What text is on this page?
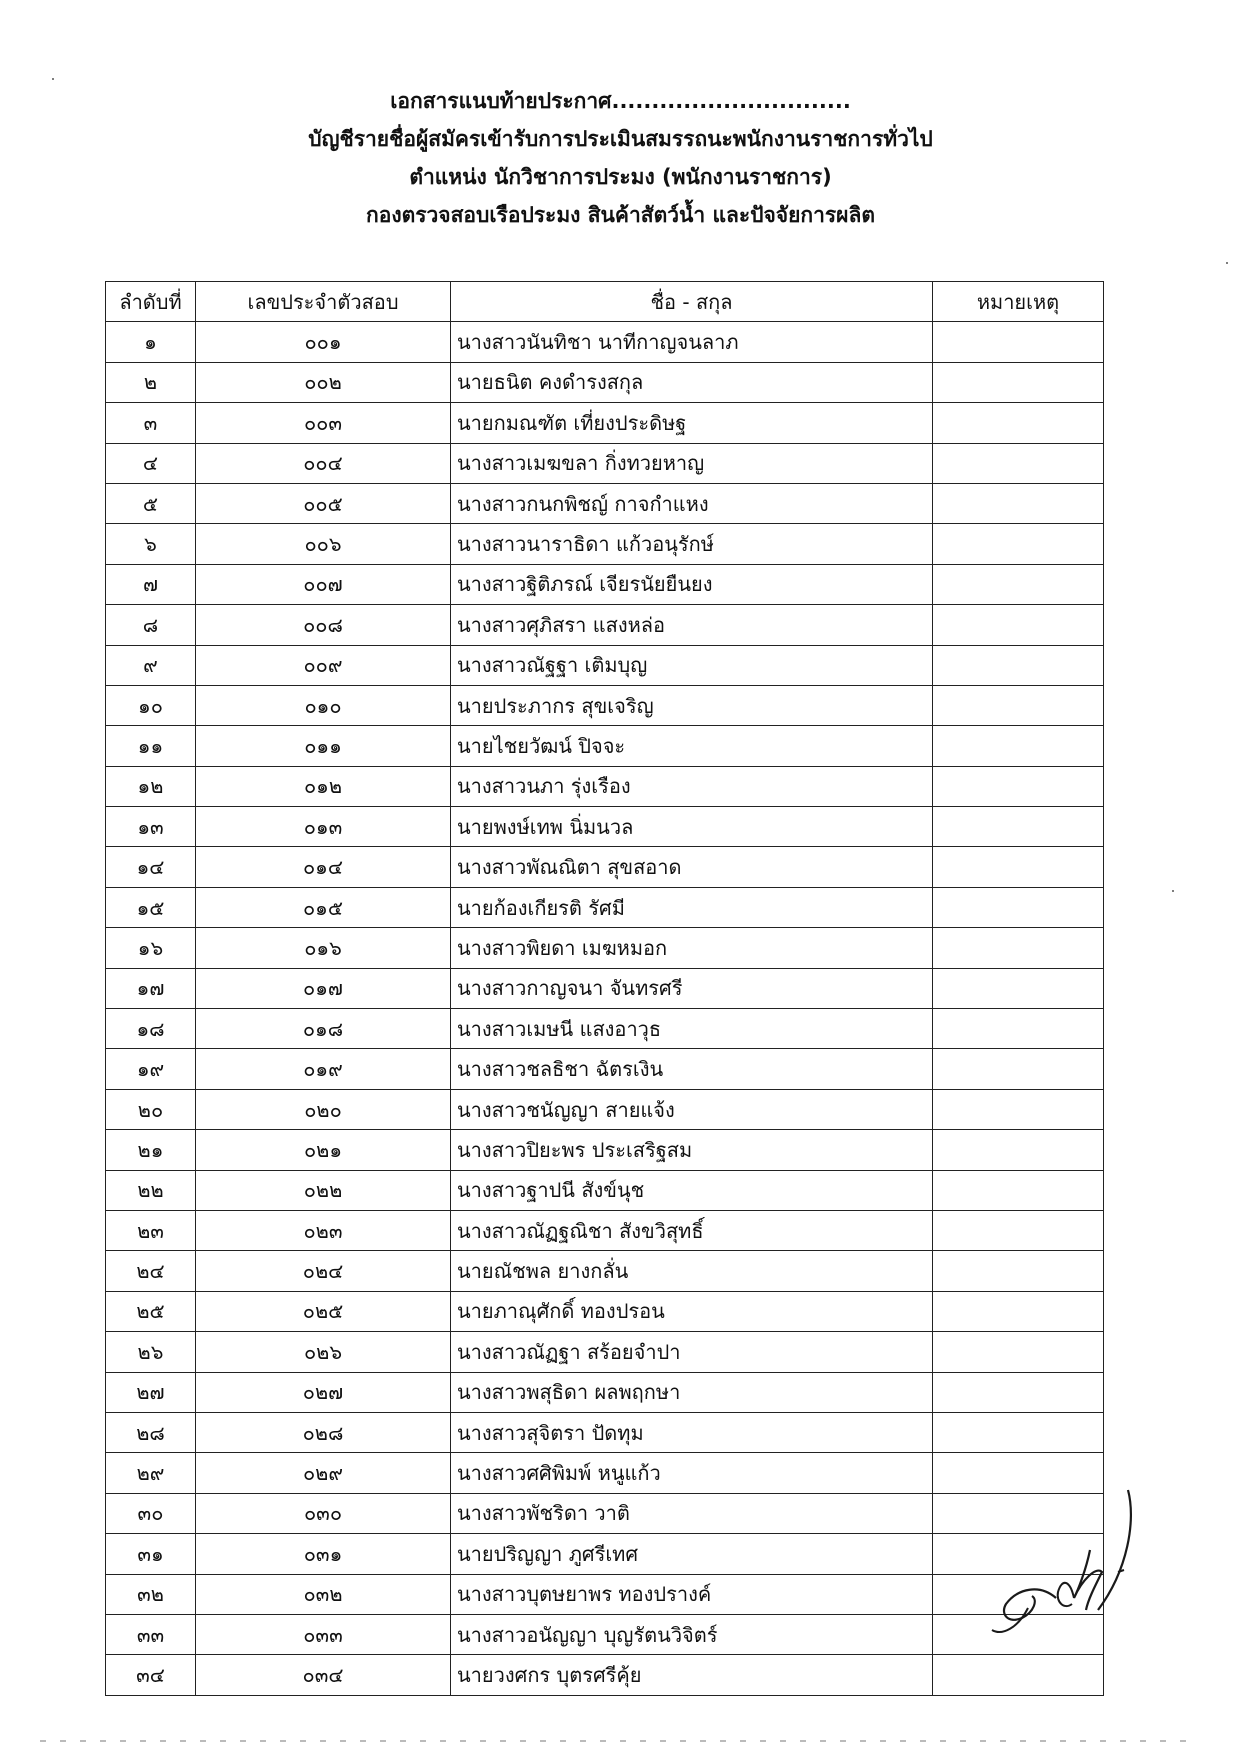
เอกสารแนบท้ายประกาศ..............................
บัญชีรายชื่อผู้สมัครเข้ารับการประเมินสมรรถนะพนักงานราชการทั่วไป
ตำแหน่ง นักวิชาการประมง (พนักงานราชการ)
กองตรวจสอบเรือประมง สินค้าสัตว์น้ำ และปัจจัยการผลิต
ลำดับที่	เลขประจำตัวสอบ	ชื่อ - สกุล	หมายเหตุ
๑	๐๐๑	นางสาวนันทิชา นาทีกาญจนลาภ	
๒	๐๐๒	นายธนิต คงดำรงสกุล	
๓	๐๐๓	นายกมณฑัต เที่ยงประดิษฐ	
๔	๐๐๔	นางสาวเมฆขลา กิ่งทวยหาญ	
๕	๐๐๕	นางสาวกนกพิชญ์ กาจกำแหง	
๖	๐๐๖	นางสาวนาราธิดา แก้วอนุรักษ์	
๗	๐๐๗	นางสาวฐิติภรณ์ เจียรนัยยืนยง	
๘	๐๐๘	นางสาวศุภิสรา แสงหล่อ	
๙	๐๐๙	นางสาวณัฐฐา เติมบุญ	
๑๐	๐๑๐	นายประภากร สุขเจริญ	
๑๑	๐๑๑	นายไชยวัฒน์ ปิจจะ	
๑๒	๐๑๒	นางสาวนภา รุ่งเรือง	
๑๓	๐๑๓	นายพงษ์เทพ นิ่มนวล	
๑๔	๐๑๔	นางสาวพัณณิตา สุขสอาด	
๑๕	๐๑๕	นายก้องเกียรติ รัศมี	
๑๖	๐๑๖	นางสาวพิยดา เมฆหมอก	
๑๗	๐๑๗	นางสาวกาญจนา จันทรศรี	
๑๘	๐๑๘	นางสาวเมษนี แสงอาวุธ	
๑๙	๐๑๙	นางสาวชลธิชา ฉัตรเงิน	
๒๐	๐๒๐	นางสาวชนัญญา สายแจ้ง	
๒๑	๐๒๑	นางสาวปิยะพร ประเสริฐสม	
๒๒	๐๒๒	นางสาวฐาปนี สังข์นุช	
๒๓	๐๒๓	นางสาวณัฏฐณิชา สังขวิสุทธิ์	
๒๔	๐๒๔	นายณัชพล ยางกลั่น	
๒๕	๐๒๕	นายภาณุศักดิ์ ทองปรอน	
๒๖	๐๒๖	นางสาวณัฏฐา สร้อยจำปา	
๒๗	๐๒๗	นางสาวพสุธิดา ผลพฤกษา	
๒๘	๐๒๘	นางสาวสุจิตรา ปัดทุม	
๒๙	๐๒๙	นางสาวศศิพิมพ์ หนูแก้ว	
๓๐	๐๓๐	นางสาวพัชริดา วาติ	
๓๑	๐๓๑	นายปริญญา ภูศรีเทศ	
๓๒	๐๓๒	นางสาวบุตษยาพร ทองปรางค์	
๓๓	๐๓๓	นางสาวอนัญญา บุญรัตนวิจิตร์	
๓๔	๐๓๔	นายวงศกร บุตรศรีคุ้ย	
